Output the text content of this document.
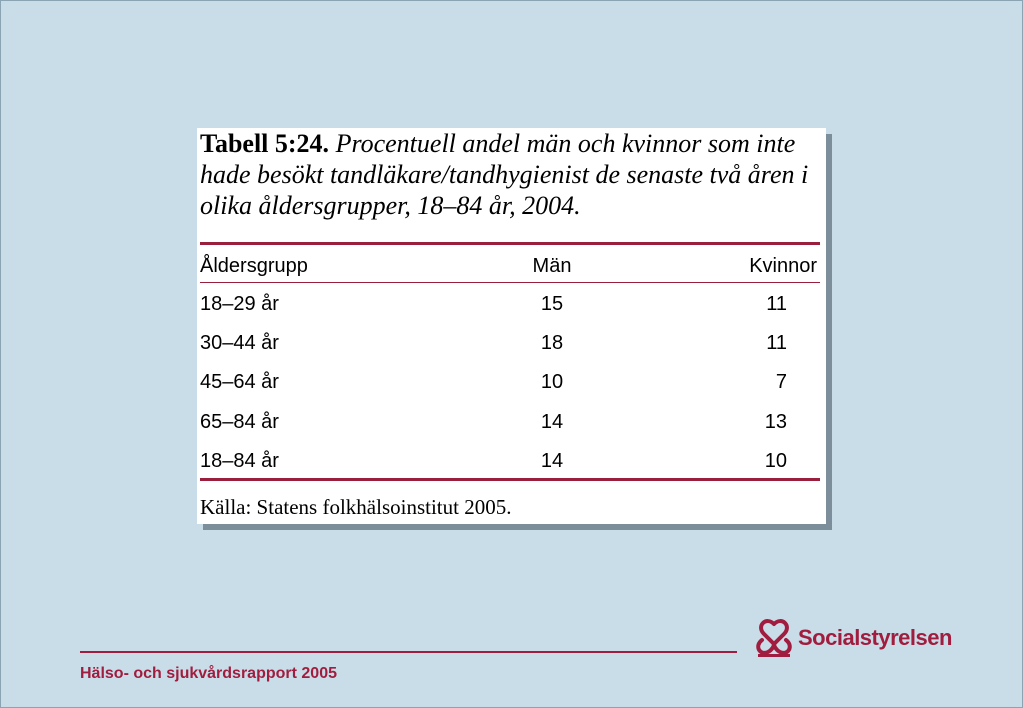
Tabell 5:24. Procentuell andel män och kvinnor som inte hade besökt tandläkare/tandhygienist de senaste två åren i olika åldersgrupper, 18–84 år, 2004.
Åldersgrupp	Män	Kvinnor
18–29 år	15	11
30–44 år	18	11
45–64 år	10	7
65–84 år	14	13
18–84 år	14	10
Källa: Statens folkhälsoinstitut 2005.
Hälso- och sjukvårdsrapport 2005
Socialstyrelsen
